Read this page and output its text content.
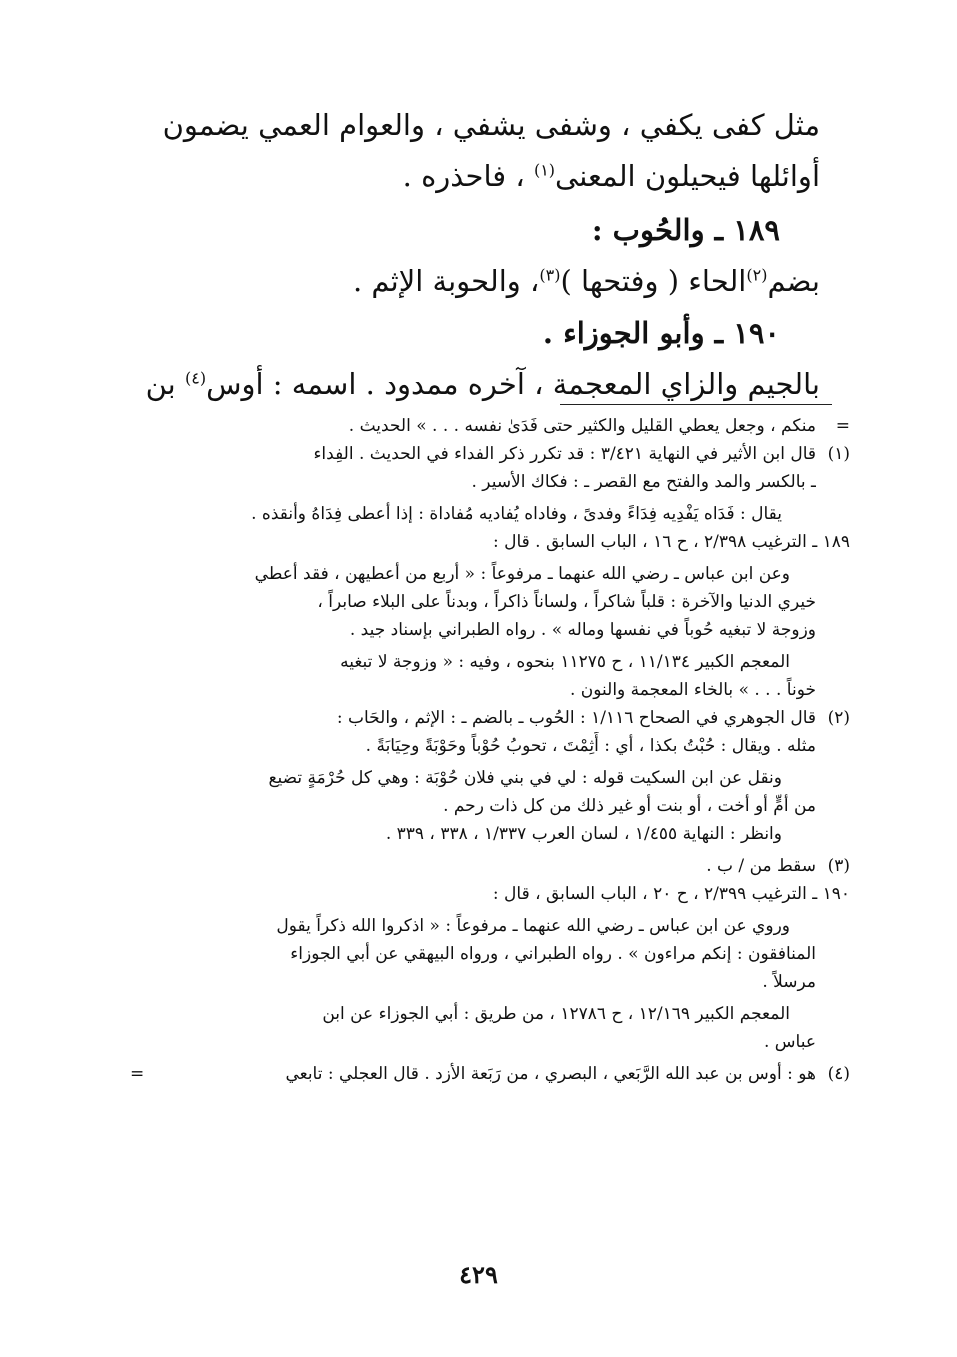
مثل كفى يكفي ، وشفى يشفي ، والعوام العمي يضمون
أوائلها فيحيلون المعنى$^{(١)}$ ، فاحذره .
١٨٩ ـ والحُوب :
بضم$^{(٢)}$الحاء ( وفتحها )$^{(٣)}$، والحوبة الإثم .
١٩٠ ـ وأبو الجوزاء .
بالجيم والزاي المعجمة ، آخره ممدود . اسمه : أوس$^{(٤)}$ بن
=
منكم ، وجعل يعطي القليل والكثير حتى فَدَىٰ نفسه . . . » الحديث .
(١)
قال ابن الأثير في النهاية ٣/٤٢١ : قد تكرر ذكر الفداء في الحديث . الفِداء
ـ بالكسر والمد والفتح مع القصر ـ : فكاك الأسير .
يقال : فَدَاه يَفْدِيه فِدَاءً وفدىً ، وفاداه يُفاديه مُفاداة : إذا أعطى فِدَاهُ وأنقذه .
١٨٩ ـ الترغيب ٢/٣٩٨ ، ح ١٦ ، الباب السابق . قال :
وعن ابن عباس ـ رضي الله عنهما ـ مرفوعاً : « أربع من أعطيهن ، فقد أعطي
خيري الدنيا والآخرة : قلباً شاكراً ، ولساناً ذاكراً ، وبدناً على البلاء صابراً ،
وزوجة لا تبغيه حُوباً في نفسها وماله » . رواه الطبراني بإسناد جيد .
المعجم الكبير ١١/١٣٤ ، ح ١١٢٧٥ بنحوه ، وفيه : « وزوجة لا تبغيه
خوناً . . . » بالخاء المعجمة والنون .
(٢)
قال الجوهري في الصحاح ١/١١٦ : الحُوب ـ بالضم ـ : الإثم ، والحَاب :
مثله . ويقال : حُبْتُ بكذا ، أي : أَثِمْتَ ، تحوبُ حُوْباً وحَوْبَةً وحِيَابَةً .
ونقل عن ابن السكيت قوله : لي في بني فلان حُوْبَة : وهي كل حُرْمَةٍ تضيع
من أمٍّ أو أخت ، أو بنت أو غير ذلك من كل ذات رحم .
وانظر : النهاية ١/٤٥٥ ، لسان العرب ١/٣٣٧ ، ٣٣٨ ، ٣٣٩ .
(٣)
سقط من / ب .
١٩٠ ـ الترغيب ٢/٣٩٩ ، ح ٢٠ ، الباب السابق ، قال :
وروي عن ابن عباس ـ رضي الله عنهما ـ مرفوعاً : « اذكروا الله ذكراً يقول
المنافقون : إنكم مراءون » . رواه الطبراني ، ورواه البيهقي عن أبي الجوزاء
مرسلاً .
المعجم الكبير ١٢/١٦٩ ، ح ١٢٧٨٦ ، من طريق : أبي الجوزاء عن ابن
عباس .
(٤)
هو : أوس بن عبد الله الرَّبَعي ، البصري ، من رَبَعة الأزد . قال العجلي : تابعي
=
٤٢٩
